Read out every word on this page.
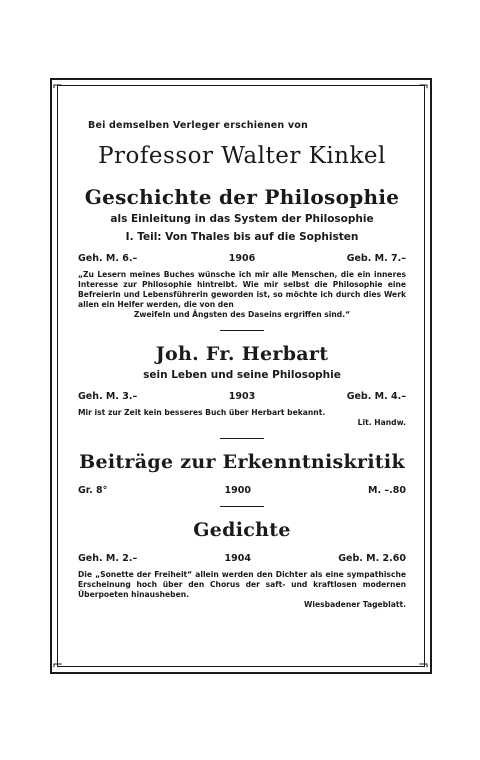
⌐	¬
⌐	¬
Bei demselben Verleger erschienen von
Professor Walter Kinkel
Geschichte der Philosophie
als Einleitung in das System der Philosophie
I. Teil: Von Thales bis auf die Sophisten
Geh. M. 6.–	1906	Geb. M. 7.–
„Zu Lesern meines Buches wünsche ich mir alle Menschen, die ein inneres Interesse zur Philosophie hintreibt. Wie mir selbst die Philosophie eine Befreierin und Lebensführerin geworden ist, so möchte ich durch dies Werk allen ein Helfer werden, die von den
Zweifeln und Ängsten des Daseins ergriffen sind.“
Joh. Fr. Herbart
sein Leben und seine Philosophie
Geh. M. 3.–	1903	Geb. M. 4.–
Mir ist zur Zeit kein besseres Buch über Herbart bekannt.
Lit. Handw.
Beiträge zur Erkenntniskritik
Gr. 8°	1900	M. –.80
Gedichte
Geh. M. 2.–	1904	Geb. M. 2.60
Die „Sonette der Freiheit“ allein werden den Dichter als eine sympathische Erscheinung hoch über den Chorus der saft- und kraftlosen modernen Überpoeten hinausheben.
Wiesbadener Tageblatt.
